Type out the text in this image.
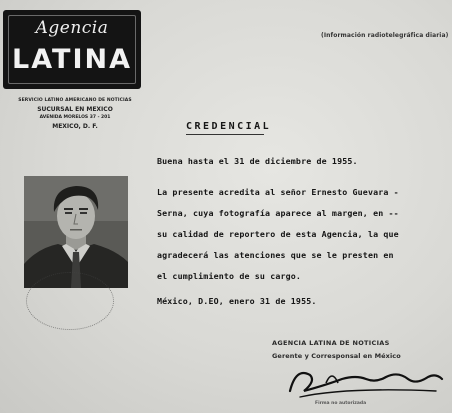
Agencia
LATINA
SERVICIO LATINO AMERICANO DE NOTICIAS
SUCURSAL EN MEXICO
AVENIDA MORELOS 37 - 201
MEXICO, D. F.
(Información radiotelegráfica diaria)
CREDENCIAL
Buena hasta el 31 de diciembre de 1955.
La presente acredita al señor Ernesto Guevara -
Serna, cuya fotografía aparece al margen, en --
su calidad de reportero de esta Agencia, la que
agradecerá las atenciones que se le presten en
el cumplimiento de su cargo.
México, D.EO, enero 31 de 1955.
AGENCIA LATINA DE NOTICIAS
Gerente y Corresponsal en México
Firma no autorizada
